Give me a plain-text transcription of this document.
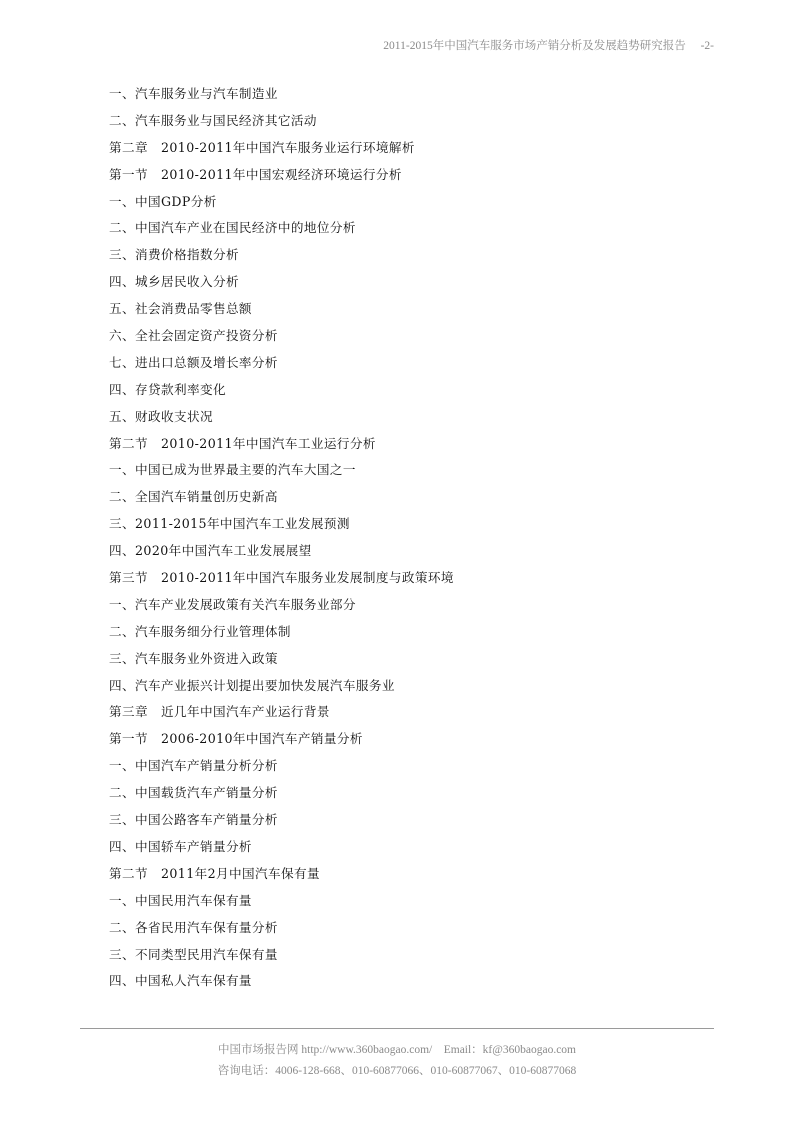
2011-2015年中国汽车服务市场产销分析及发展趋势研究报告 -2-
一、汽车服务业与汽车制造业
二、汽车服务业与国民经济其它活动
第二章　2010-2011年中国汽车服务业运行环境解析
第一节　2010-2011年中国宏观经济环境运行分析
一、中国GDP分析
二、中国汽车产业在国民经济中的地位分析
三、消费价格指数分析
四、城乡居民收入分析
五、社会消费品零售总额
六、全社会固定资产投资分析
七、进出口总额及增长率分析
四、存贷款利率变化
五、财政收支状况
第二节　2010-2011年中国汽车工业运行分析
一、中国已成为世界最主要的汽车大国之一
二、全国汽车销量创历史新高
三、2011-2015年中国汽车工业发展预测
四、2020年中国汽车工业发展展望
第三节　2010-2011年中国汽车服务业发展制度与政策环境
一、汽车产业发展政策有关汽车服务业部分
二、汽车服务细分行业管理体制
三、汽车服务业外资进入政策
四、汽车产业振兴计划提出要加快发展汽车服务业
第三章　近几年中国汽车产业运行背景
第一节　2006-2010年中国汽车产销量分析
一、中国汽车产销量分析分析
二、中国载货汽车产销量分析
三、中国公路客车产销量分析
四、中国轿车产销量分析
第二节　2011年2月中国汽车保有量
一、中国民用汽车保有量
二、各省民用汽车保有量分析
三、不同类型民用汽车保有量
四、中国私人汽车保有量
中国市场报告网 http://www.360baogao.com/　Email：kf@360baogao.com
咨询电话：4006-128-668、010-60877066、010-60877067、010-60877068
